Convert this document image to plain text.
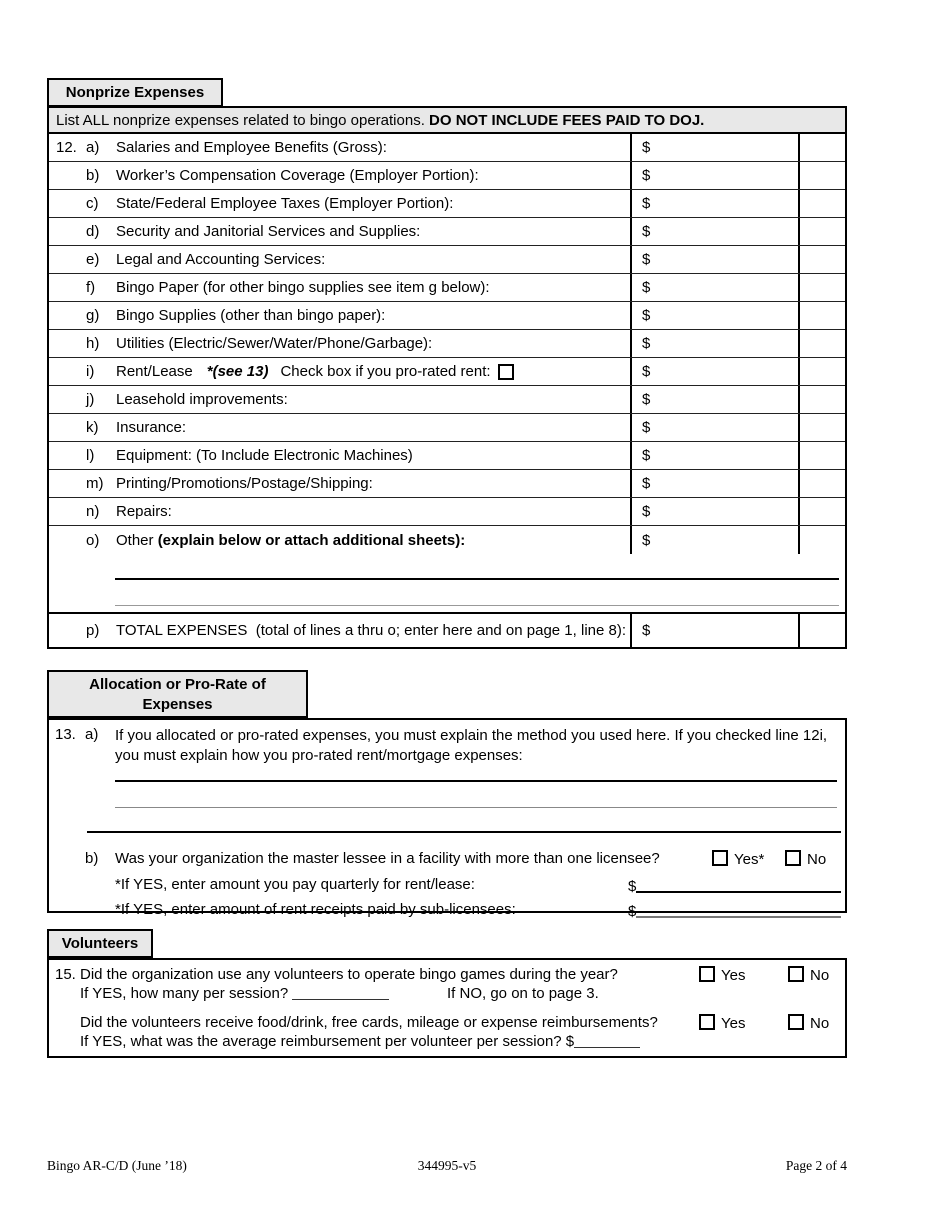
Nonprize Expenses
List ALL nonprize expenses related to bingo operations. DO NOT INCLUDE FEES PAID TO DOJ.
12. a)	Salaries and Employee Benefits (Gross):	$
b)	Worker’s Compensation Coverage (Employer Portion):	$
c)	State/Federal Employee Taxes (Employer Portion):	$
d)	Security and Janitorial Services and Supplies:	$
e)	Legal and Accounting Services:	$
f)	Bingo Paper (for other bingo supplies see item g below):	$
g)	Bingo Supplies (other than bingo paper):	$
h)	Utilities (Electric/Sewer/Water/Phone/Garbage):	$
i)	Rent/Lease *(see 13) Check box if you pro-rated rent:	$
j)	Leasehold improvements:	$
k)	Insurance:	$
l)	Equipment: (To Include Electronic Machines)	$
m) Printing/Promotions/Postage/Shipping:	$
n)	Repairs:	$
o)	Other (explain below or attach additional sheets):	$
p)	TOTAL EXPENSES  (total of lines a thru o; enter here and on page 1, line 8): $
Allocation or Pro-Rate of
Expenses
13. a) If you allocated or pro-rated expenses, you must explain the method you used here. If you checked line 12i, you must explain how you pro-rated rent/mortgage expenses:
b) Was your organization the master lessee in a facility with more than one licensee?	Yes*	No
*If YES, enter amount you pay quarterly for rent/lease:	$
*If YES, enter amount of rent receipts paid by sub-licensees:	$
Volunteers
15. Did the organization use any volunteers to operate bingo games during the year?	Yes	No
If YES, how many per session?	If NO, go on to page 3.
Did the volunteers receive food/drink, free cards, mileage or expense reimbursements?	Yes	No
If YES, what was the average reimbursement per volunteer per session? $
Bingo AR-C/D (June ’18)	344995-v5	Page 2 of 4
